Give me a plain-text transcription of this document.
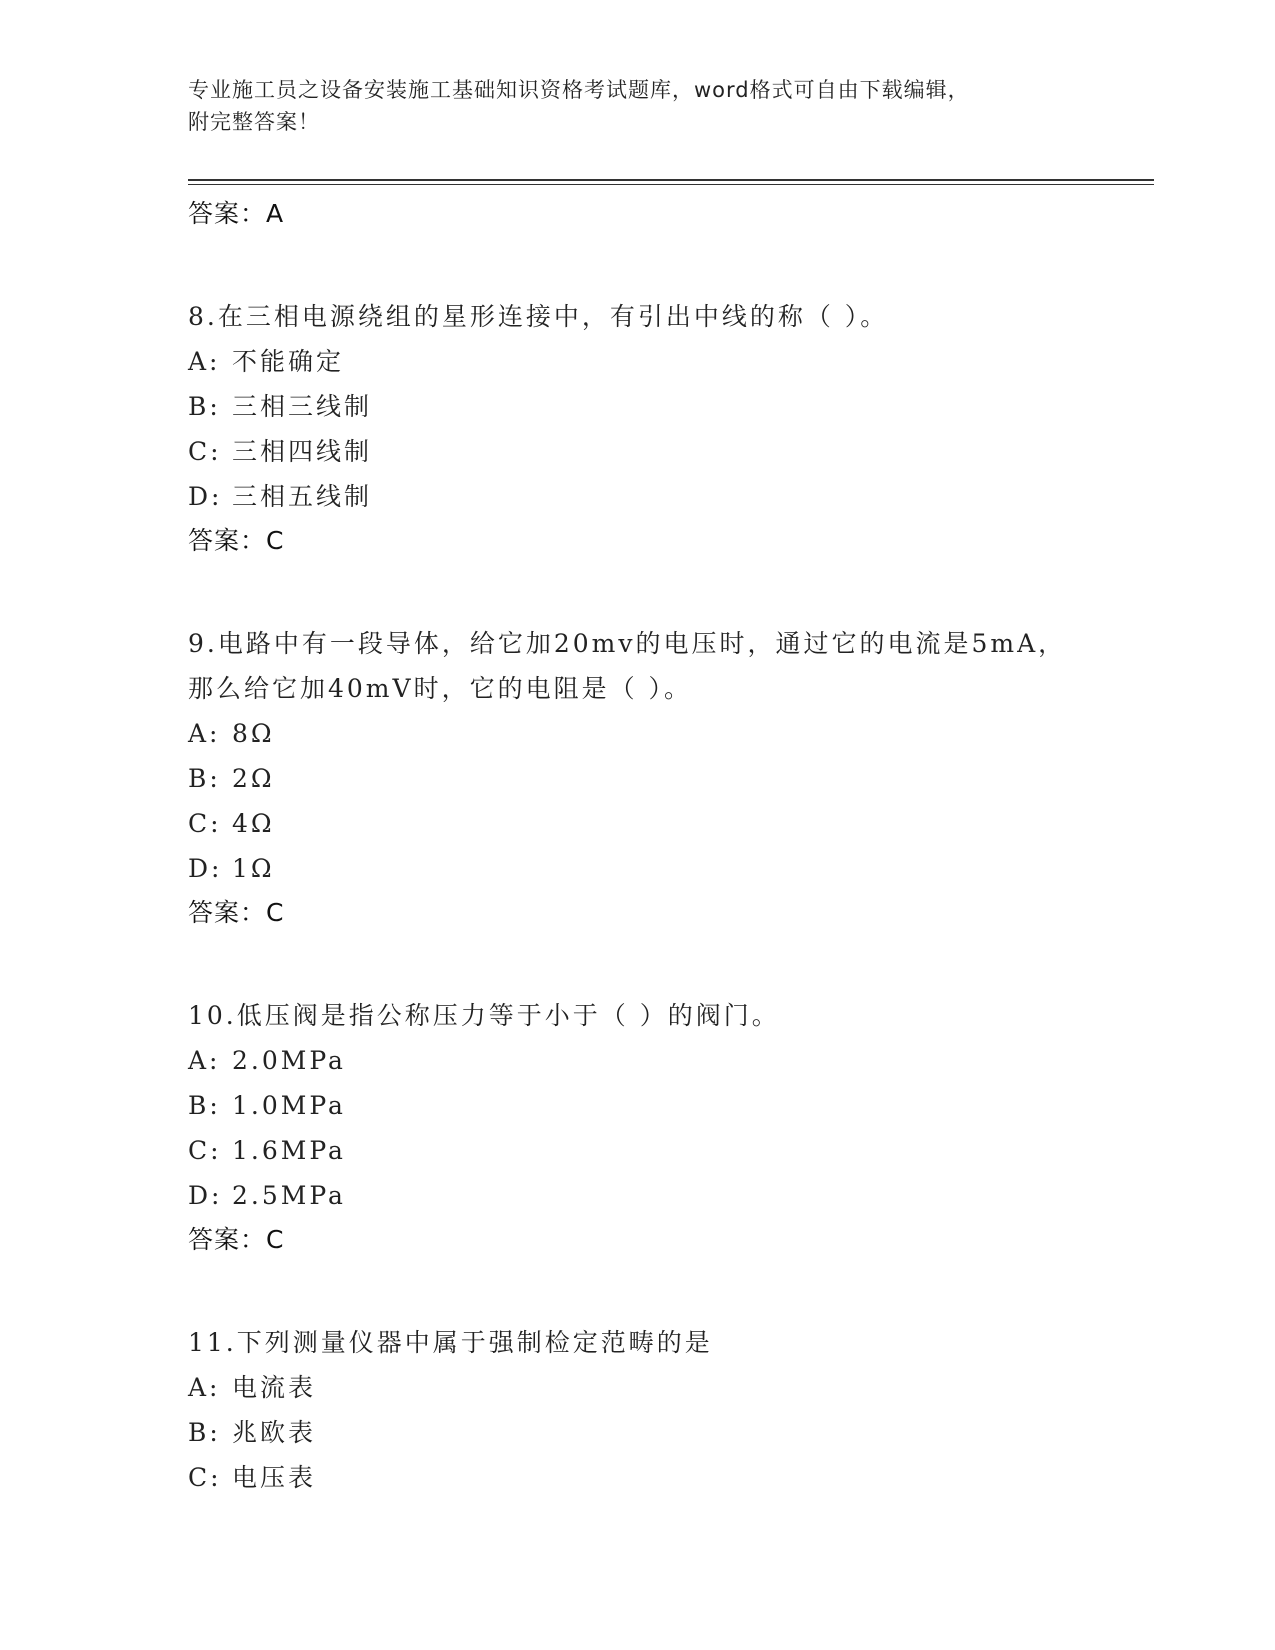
专业施工员之设备安装施工基础知识资格考试题库，word格式可自由下载编辑，
附完整答案！
答案：A
8.在三相电源绕组的星形连接中，有引出中线的称（ ）。
A: 不能确定
B: 三相三线制
C: 三相四线制
D: 三相五线制
答案：C
9.电路中有一段导体，给它加20mv的电压时，通过它的电流是5mA，
那么给它加40mV时，它的电阻是（ ）。
A: 8Ω
B: 2Ω
C: 4Ω
D: 1Ω
答案：C
10.低压阀是指公称压力等于小于（ ）的阀门。
A: 2.0MPa
B: 1.0MPa
C: 1.6MPa
D: 2.5MPa
答案：C
11.下列测量仪器中属于强制检定范畴的是
A: 电流表
B: 兆欧表
C: 电压表
